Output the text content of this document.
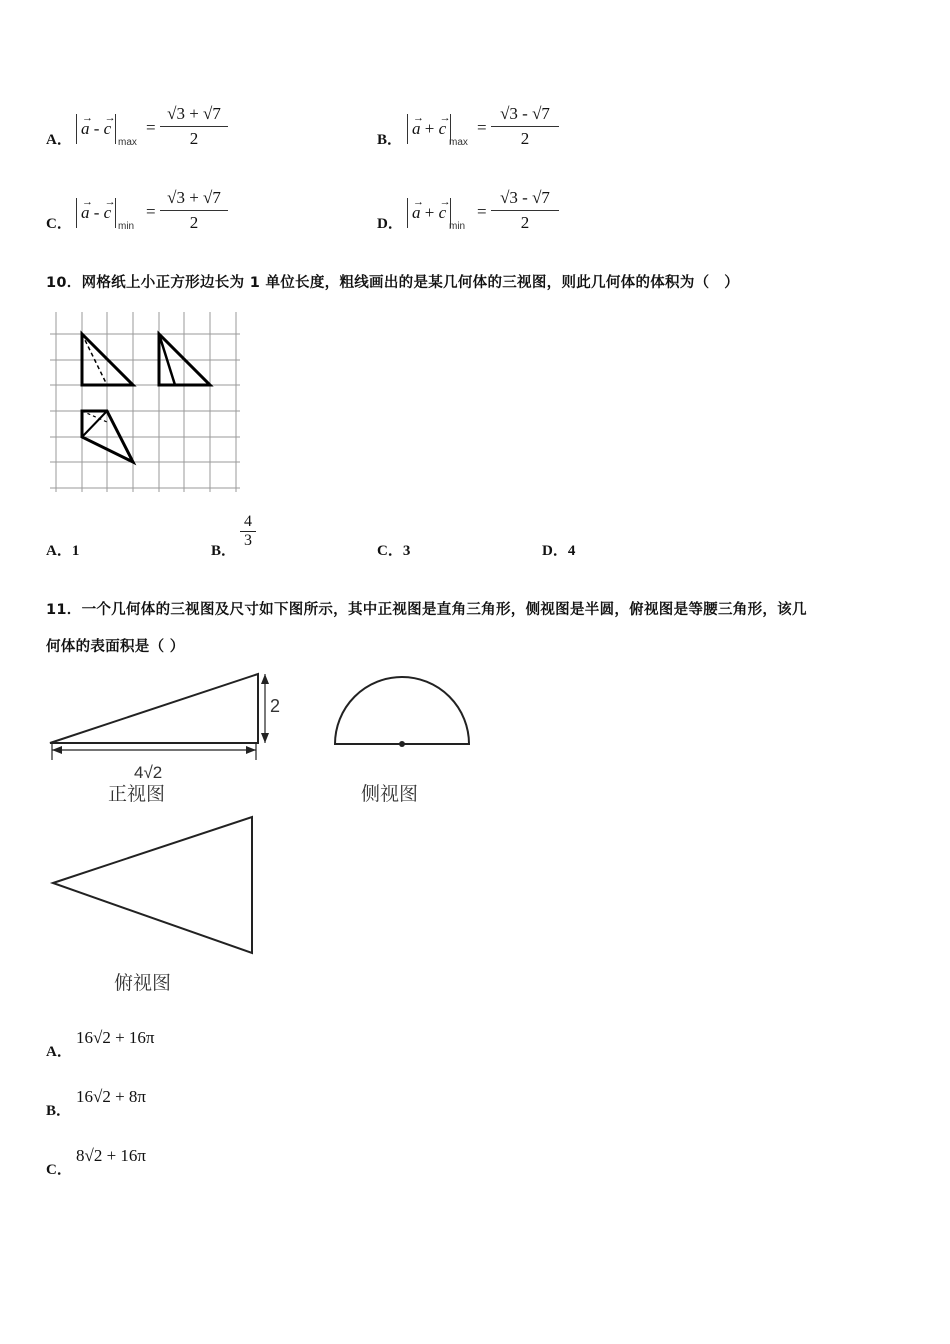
A．
→
a -
→
c
max
=
√3 + √7
2	B．
→
a +
→
c
max
=
√3 - √7
2
C．
→
a -
→
c
min
=
√3 + √7
2	D．
→
a +
→
c
min
=
√3 - √7
2
10．网格纸上小正方形边长为 1 单位长度，粗线画出的是某几何体的三视图，则此几何体的体积为（　）
A．1	B．
4
3
C．3	D．4
11．一个几何体的三视图及尺寸如下图所示，其中正视图是直角三角形，侧视图是半圆，俯视图是等腰三角形，该几
何体的表面积是（ ）
2
4√2
正视图	侧视图
俯视图
A．
16√2 + 16π
B．
16√2 + 8π
C．
8√2 + 16π
